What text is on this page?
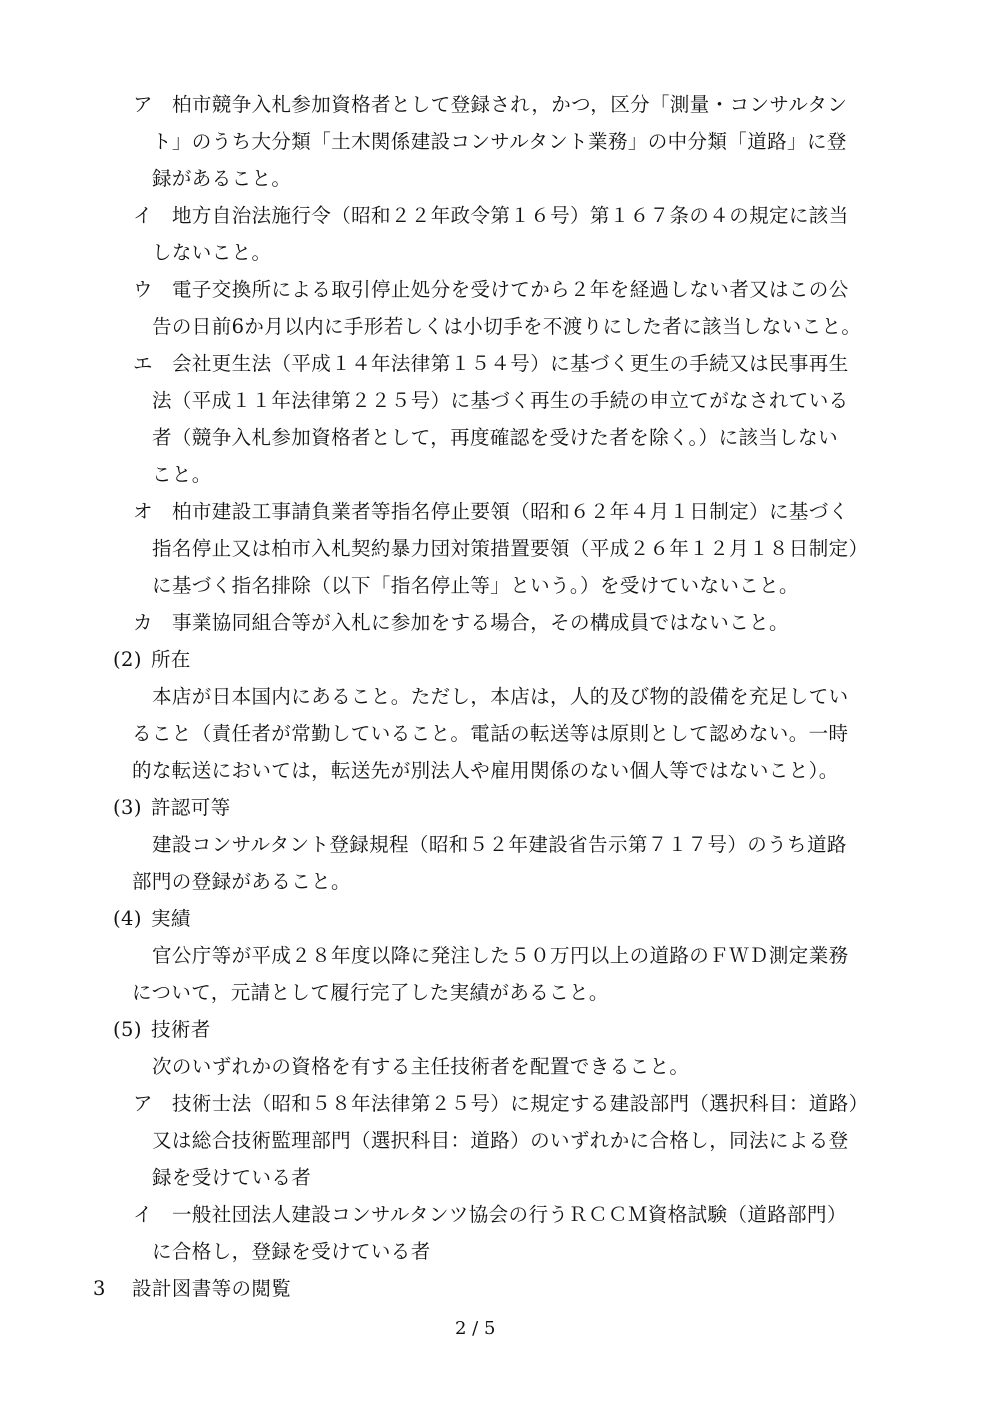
ア 柏市競争入札参加資格者として登録され，かつ，区分「測量・コンサルタン
ト」のうち大分類「土木関係建設コンサルタント業務」の中分類「道路」に登
録があること。
イ 地方自治法施行令（昭和２２年政令第１６号）第１６７条の４の規定に該当
しないこと。
ウ 電子交換所による取引停止処分を受けてから２年を経過しない者又はこの公
告の日前6か月以内に手形若しくは小切手を不渡りにした者に該当しないこと。
エ 会社更生法（平成１４年法律第１５４号）に基づく更生の手続又は民事再生
法（平成１１年法律第２２５号）に基づく再生の手続の申立てがなされている
者（競争入札参加資格者として，再度確認を受けた者を除く。）に該当しない
こと。
オ 柏市建設工事請負業者等指名停止要領（昭和６２年４月１日制定）に基づく
指名停止又は柏市入札契約暴力団対策措置要領（平成２６年１２月１８日制定）
に基づく指名排除（以下「指名停止等」という。）を受けていないこと。
カ 事業協同組合等が入札に参加をする場合，その構成員ではないこと。
(2) 所在
本店が日本国内にあること。ただし，本店は，人的及び物的設備を充足してい
ること（責任者が常勤していること。電話の転送等は原則として認めない。一時
的な転送においては，転送先が別法人や雇用関係のない個人等ではないこと）。
(3) 許認可等
建設コンサルタント登録規程（昭和５２年建設省告示第７１７号）のうち道路
部門の登録があること。
(4) 実績
官公庁等が平成２８年度以降に発注した５０万円以上の道路のＦＷＤ測定業務
について，元請として履行完了した実績があること。
(5) 技術者
次のいずれかの資格を有する主任技術者を配置できること。
ア 技術士法（昭和５８年法律第２５号）に規定する建設部門（選択科目：道路）
又は総合技術監理部門（選択科目：道路）のいずれかに合格し，同法による登
録を受けている者
イ 一般社団法人建設コンサルタンツ協会の行うＲＣＣＭ資格試験（道路部門）
に合格し，登録を受けている者
3 設計図書等の閲覧
2 / 5
